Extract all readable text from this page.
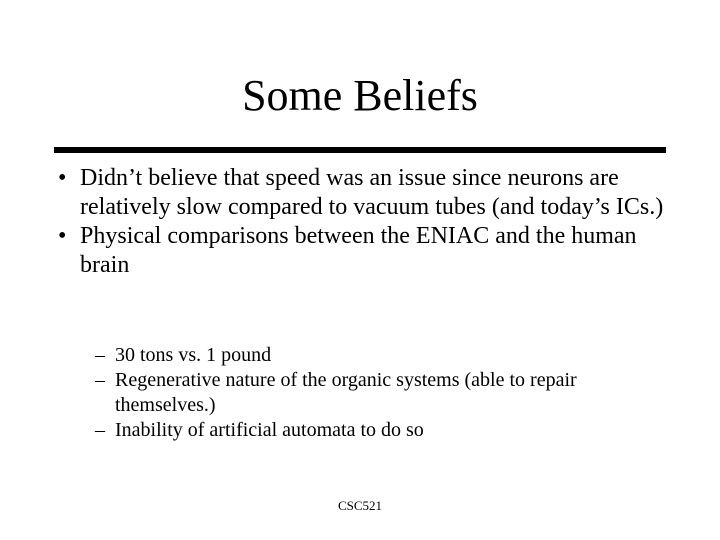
Some Beliefs
• Didn’t believe that speed was an issue since neurons are relatively slow compared to vacuum tubes (and today’s ICs.)
• Physical comparisons between the ENIAC and the human brain
– 30 tons vs. 1 pound
– Regenerative nature of the organic systems (able to repair themselves.)
– Inability of artificial automata to do so
CSC521
